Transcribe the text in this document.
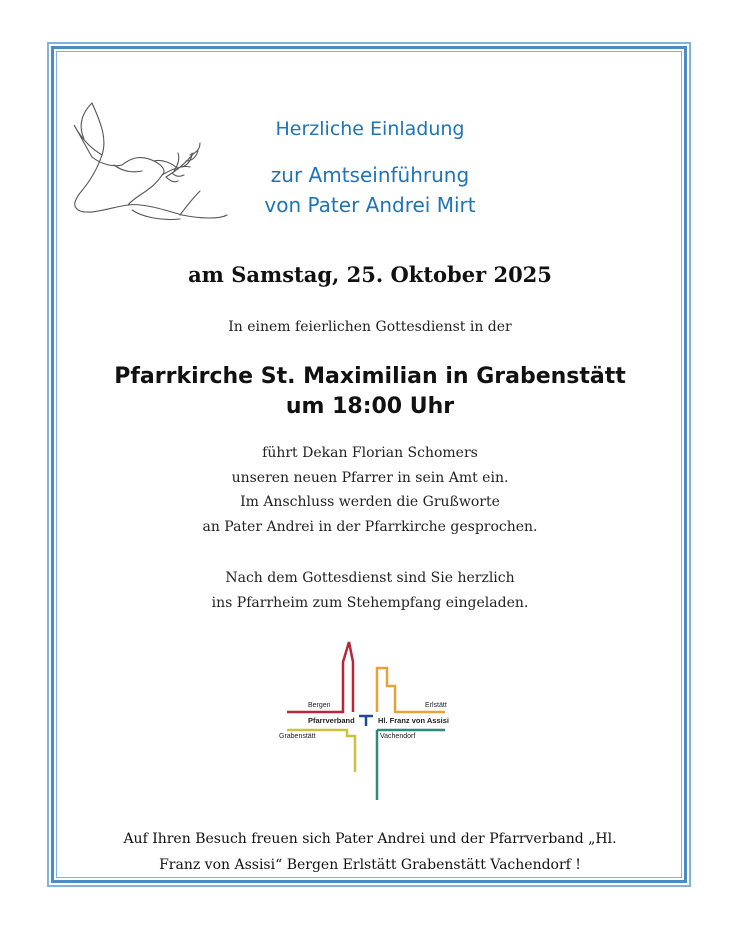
Herzliche Einladung
zur Amtseinführung
von Pater Andrei Mirt
am Samstag, 25. Oktober 2025
In einem feierlichen Gottesdienst in der
Pfarrkirche St. Maximilian in Grabenstätt
um 18:00 Uhr
führt Dekan Florian Schomers
unseren neuen Pfarrer in sein Amt ein.
Im Anschluss werden die Grußworte
an Pater Andrei in der Pfarrkirche gesprochen.
Nach dem Gottesdienst sind Sie herzlich
ins Pfarrheim zum Stehempfang eingeladen.
Bergen	Erlstätt
Pfarrverband	Hl. Franz von Assisi
Grabenstätt	Vachendorf
Auf Ihren Besuch freuen sich Pater Andrei und der Pfarrverband „Hl.
Franz von Assisi“ Bergen Erlstätt Grabenstätt Vachendorf !
